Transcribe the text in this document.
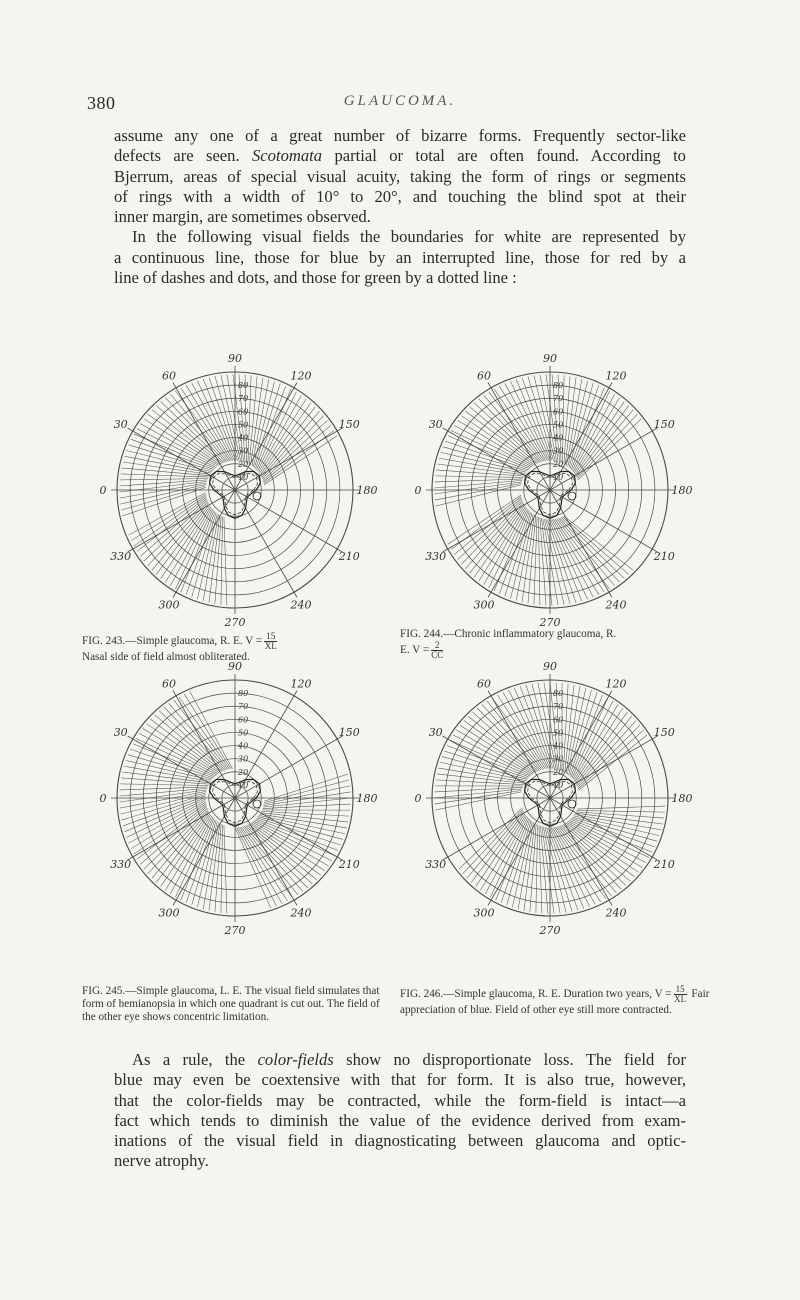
380	GLAUCOMA.
assume any one of a great number of bizarre forms. Frequently sector-like
defects are seen. Scotomata partial or total are often found. According to
Bjerrum, areas of special visual acuity, taking the form of rings or segments
of rings with a width of 10° to 20°, and touching the blind spot at their
inner margin, are sometimes observed.
In the following visual fields the boundaries for white are represented by
a continuous line, those for blue by an interrupted line, those for red by a
line of dashes and dots, and those for green by a dotted line :
90
120
150
180
210
240
270
300
330
0
30
60
80
70
60
50
40
30
20
10
90
120
150
180
210
240
270
300
330
0
30
60
80
70
60
50
40
30
20
10
90
120
150
180
210
240
270
300
330
0
30
60
80
70
60
50
40
30
20
10
90
120
150
180
210
240
270
300
330
0
30
60
80
70
60
50
40
30
20
10

FIG. 243.—Simple glaucoma, R. E. $V = \frac{15}{XL}$

Nasal side of field almost obliterated.

FIG. 244.—Chronic inflammatory glaucoma, R.
E. $V = \frac{2}{CC}$

FIG. 245.—Simple glaucoma, L. E. The visual field simulates that form of hemianopsia in which one quadrant is cut out. The field of the other eye shows concentric limitation.

FIG. 246.—Simple glaucoma, R. E. Duration two years, $V = \frac{15}{XL}$ Fair appreciation of blue. Field of other eye still more contracted.

As a rule, the color-fields show no disproportionate loss. The field for
blue may even be coextensive with that for form. It is also true, however,
that the color-fields may be contracted, while the form-field is intact—a
fact which tends to diminish the value of the evidence derived from exam-
inations of the visual field in diagnosticating between glaucoma and optic-
nerve atrophy.
